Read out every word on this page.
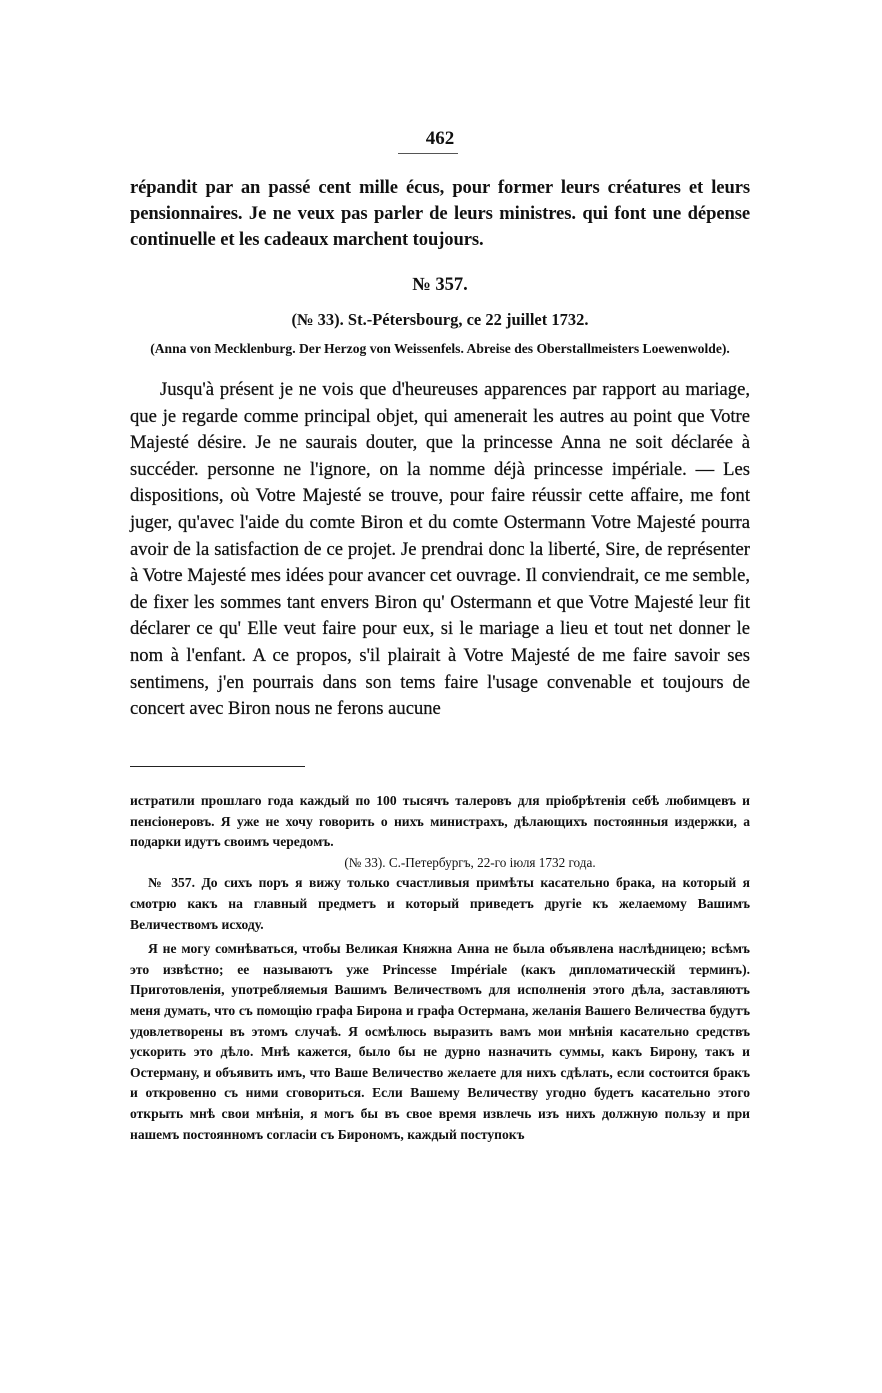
462
répandit par an passé cent mille écus, pour former leurs créatures et leurs pensionnaires. Je ne veux pas parler de leurs ministres. qui font une dépense continuelle et les cadeaux marchent toujours.
№ 357.
(№ 33). St.-Pétersbourg, ce 22 juillet 1732.
(Anna von Mecklenburg. Der Herzog von Weissenfels. Abreise des Oberstallmeisters Loewenwolde).

Jusqu'à présent je ne vois que d'heureuses apparences par rapport au mariage, que je regarde comme principal objet, qui amenerait les autres au point que Votre Majesté désire. Je ne saurais douter, que la princesse Anna ne soit déclarée à succéder. personne ne l'ignore, on la nomme déjà princesse impériale. — Les dispositions, où Votre Majesté se trouve, pour faire réussir cette affaire, me font juger, qu'avec l'aide du comte Biron et du comte Ostermann Votre Majesté pourra avoir de la satisfaction de ce projet. Je prendrai donc la liberté, Sire, de représenter à Votre Majesté mes idées pour avancer cet ouvrage. Il conviendrait, ce me semble, de fixer les sommes tant envers Biron qu' Ostermann et que Votre Majesté leur fit déclarer ce qu' Elle veut faire pour eux, si le mariage a lieu et tout net donner le nom à l'enfant. A ce propos, s'il plairait à Votre Majesté de me faire savoir ses sentimens, j'en pourrais dans son tems faire l'usage convenable et toujours de concert avec Biron nous ne ferons aucune

истратили прошлаго года каждый по 100 тысячъ талеровъ для пріобрѣтенія себѣ любимцевъ и пенсіонеровъ. Я уже не хочу говорить о нихъ министрахъ, дѣлающихъ постоянныя издержки, а подарки идутъ своимъ чередомъ.

(№ 33). С.-Петербургъ, 22-го іюля 1732 года.

№ 357. До сихъ поръ я вижу только счастливыя примѣты касательно брака, на который я смотрю какъ на главный предметъ и который приведетъ другіе къ желаемому Вашимъ Величествомъ исходу.

Я не могу сомнѣваться, чтобы Великая Княжна Анна не была объявлена наслѣдницею; всѣмъ это извѣстно; ее называютъ уже Princesse Impériale (какъ дипломатическій терминъ). Приготовленія, употребляемыя Вашимъ Величествомъ для исполненія этого дѣла, заставляютъ меня думать, что съ помощію графа Бирона и графа Остермана, желанія Вашего Величества будутъ удовлетворены въ этомъ случаѣ. Я осмѣлюсь выразить вамъ мои мнѣнія касательно средствъ ускорить это дѣло. Мнѣ кажется, было бы не дурно назначить суммы, какъ Бирону, такъ и Остерману, и объявить имъ, что Ваше Величество желаете для нихъ сдѣлать, если состоится бракъ и откровенно съ ними сговориться. Если Вашему Величеству угодно будетъ касательно этого открыть мнѣ свои мнѣнія, я могъ бы въ свое время извлечь изъ нихъ должную пользу и при нашемъ постоянномъ согласіи съ Бирономъ, каждый поступокъ
